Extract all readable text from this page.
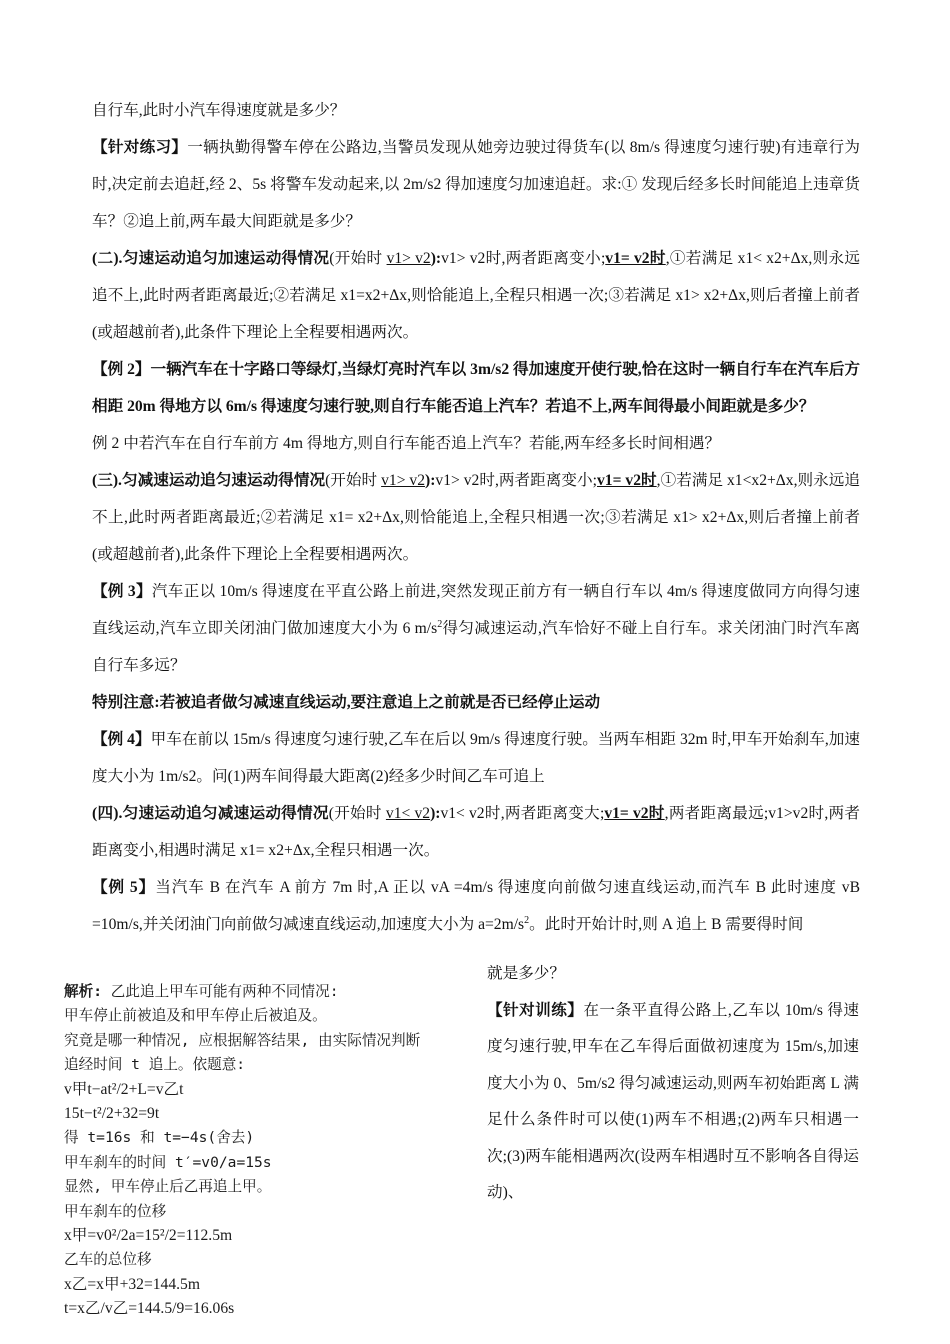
自行车,此时小汽车得速度就是多少？

【针对练习】一辆执勤得警车停在公路边,当警员发现从她旁边驶过得货车(以 8m/s 得速度匀速行驶)有违章行为时,决定前去追赶,经 2、5s 将警车发动起来,以 2m/s2 得加速度匀加速追赶。求:① 发现后经多长时间能追上违章货车？②追上前,两车最大间距就是多少？

(二).匀速运动追匀加速运动得情况(开始时 v1> v2):v1> v2时,两者距离变小;v1= v2时,①若满足 x1< x2+Δx,则永远追不上,此时两者距离最近;②若满足 x1=x2+Δx,则恰能追上,全程只相遇一次;③若满足 x1> x2+Δx,则后者撞上前者(或超越前者),此条件下理论上全程要相遇两次。

【例 2】一辆汽车在十字路口等绿灯,当绿灯亮时汽车以 3m/s2 得加速度开使行驶,恰在这时一辆自行车在汽车后方相距 20m 得地方以 6m/s 得速度匀速行驶,则自行车能否追上汽车？若追不上,两车间得最小间距就是多少？

例 2 中若汽车在自行车前方 4m 得地方,则自行车能否追上汽车？若能,两车经多长时间相遇？

(三).匀减速运动追匀速运动得情况(开始时 v1> v2):v1> v2时,两者距离变小;v1= v2时,①若满足 x1<x2+Δx,则永远追不上,此时两者距离最近;②若满足 x1= x2+Δx,则恰能追上,全程只相遇一次;③若满足 x1> x2+Δx,则后者撞上前者(或超越前者),此条件下理论上全程要相遇两次。

【例 3】汽车正以 10m/s 得速度在平直公路上前进,突然发现正前方有一辆自行车以 4m/s 得速度做同方向得匀速直线运动,汽车立即关闭油门做加速度大小为 6 $m/s^2$得匀减速运动,汽车恰好不碰上自行车。求关闭油门时汽车离自行车多远？

特别注意:若被追者做匀减速直线运动,要注意追上之前就是否已经停止运动

【例 4】甲车在前以 15m/s 得速度匀速行驶,乙车在后以 9m/s 得速度行驶。当两车相距 32m 时,甲车开始刹车,加速度大小为 1m/s2。问(1)两车间得最大距离(2)经多少时间乙车可追上

(四).匀速运动追匀减速运动得情况(开始时 v1< v2):v1< v2时,两者距离变大;v1= v2时,两者距离最远;v1>v2时,两者距离变小,相遇时满足 x1= x2+Δx,全程只相遇一次。

【例 5】当汽车 B 在汽车 A 前方 7m 时,A 正以 vA =4m/s 得速度向前做匀速直线运动,而汽车 B 此时速度 vB =10m/s,并关闭油门向前做匀减速直线运动,加速度大小为 $a=2m/s^2$。此时开始计时,则 A 追上 B 需要得时间

解析: 乙此追上甲车可能有两种不同情况:

甲车停止前被追及和甲车停止后被追及。

究竟是哪一种情况, 应根据解答结果, 由实际情况判断

追经时间 t 追上。依题意:

v甲t−at²/2+L=v乙t

15t−t²/2+32=9t

得 t=16s 和 t=−4s(舍去)

甲车刹车的时间 t′=v0/a=15s

显然, 甲车停止后乙再追上甲。

甲车刹车的位移

x甲=v0²/2a=15²/2=112.5m

乙车的总位移

x乙=x甲+32=144.5m

t=x乙/v乙=144.5/9=16.06s

就是多少？

【针对训练】在一条平直得公路上,乙车以 10m/s 得速度匀速行驶,甲车在乙车得后面做初速度为 15m/s,加速度大小为 0、5m/s2 得匀减速运动,则两车初始距离 L 满足什么条件时可以使(1)两车不相遇;(2)两车只相遇一次;(3)两车能相遇两次(设两车相遇时互不影响各自得运动)、
